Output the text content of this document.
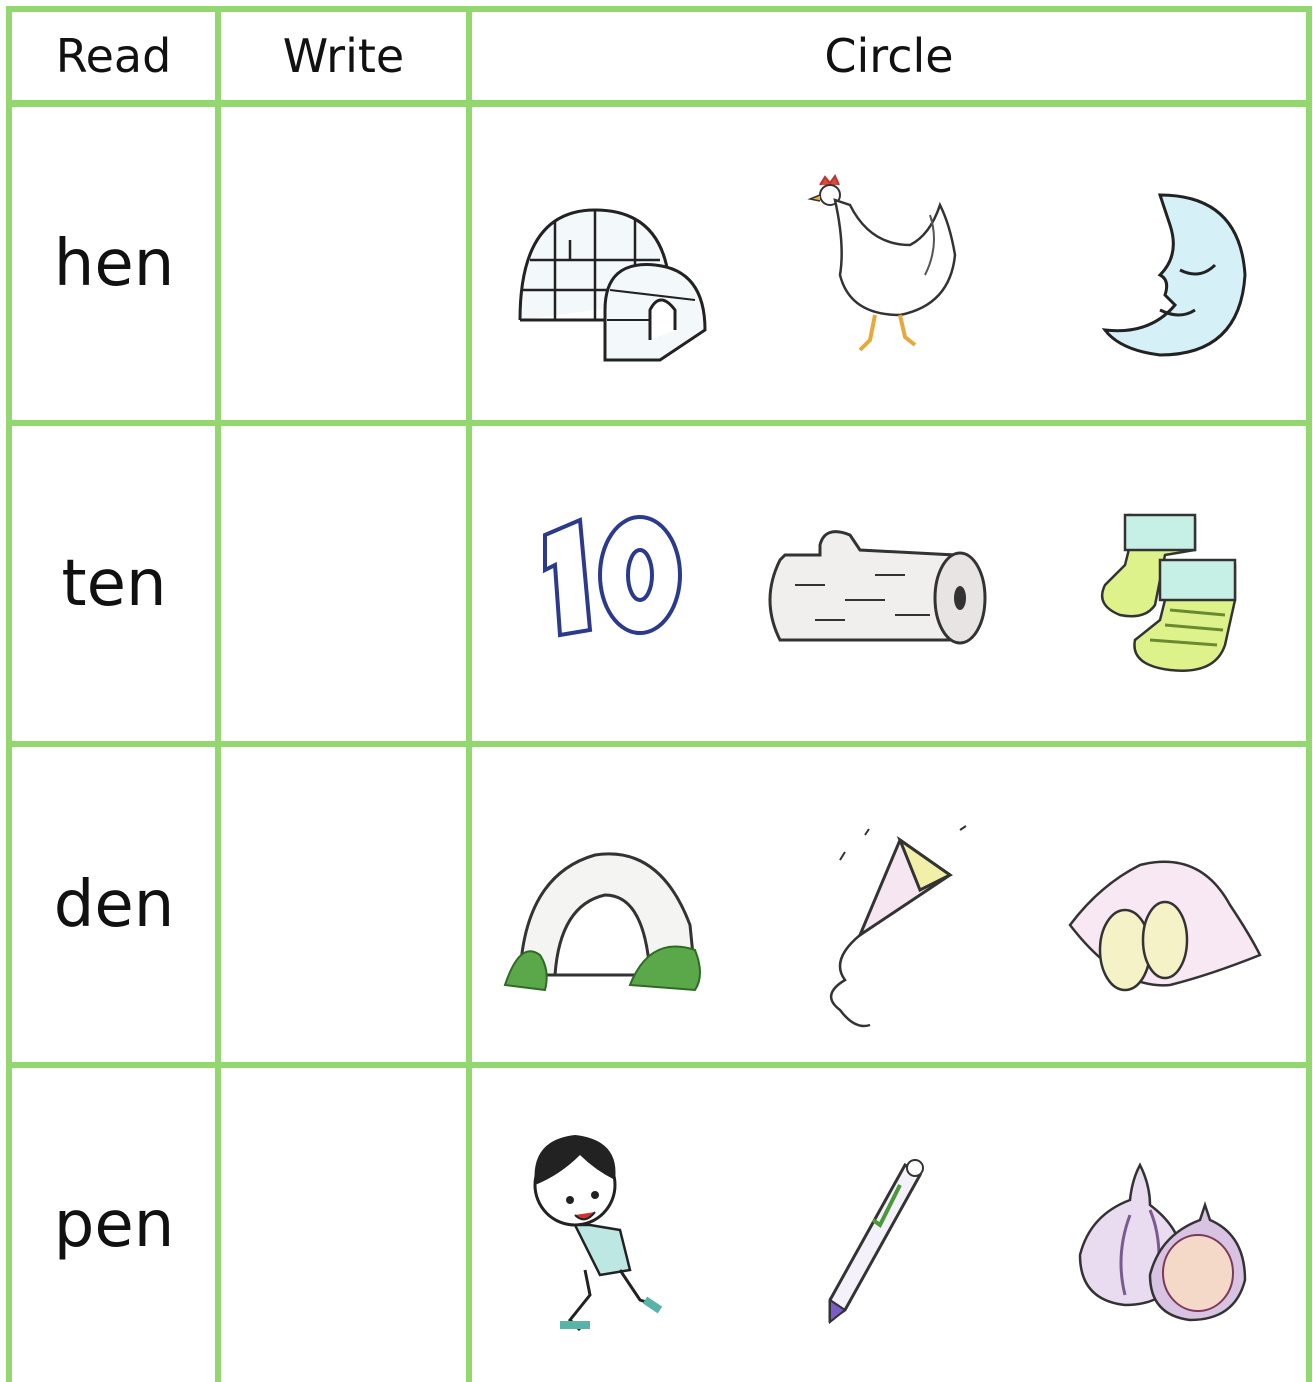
Read	Write	Circle
hen
ten
den
pen
